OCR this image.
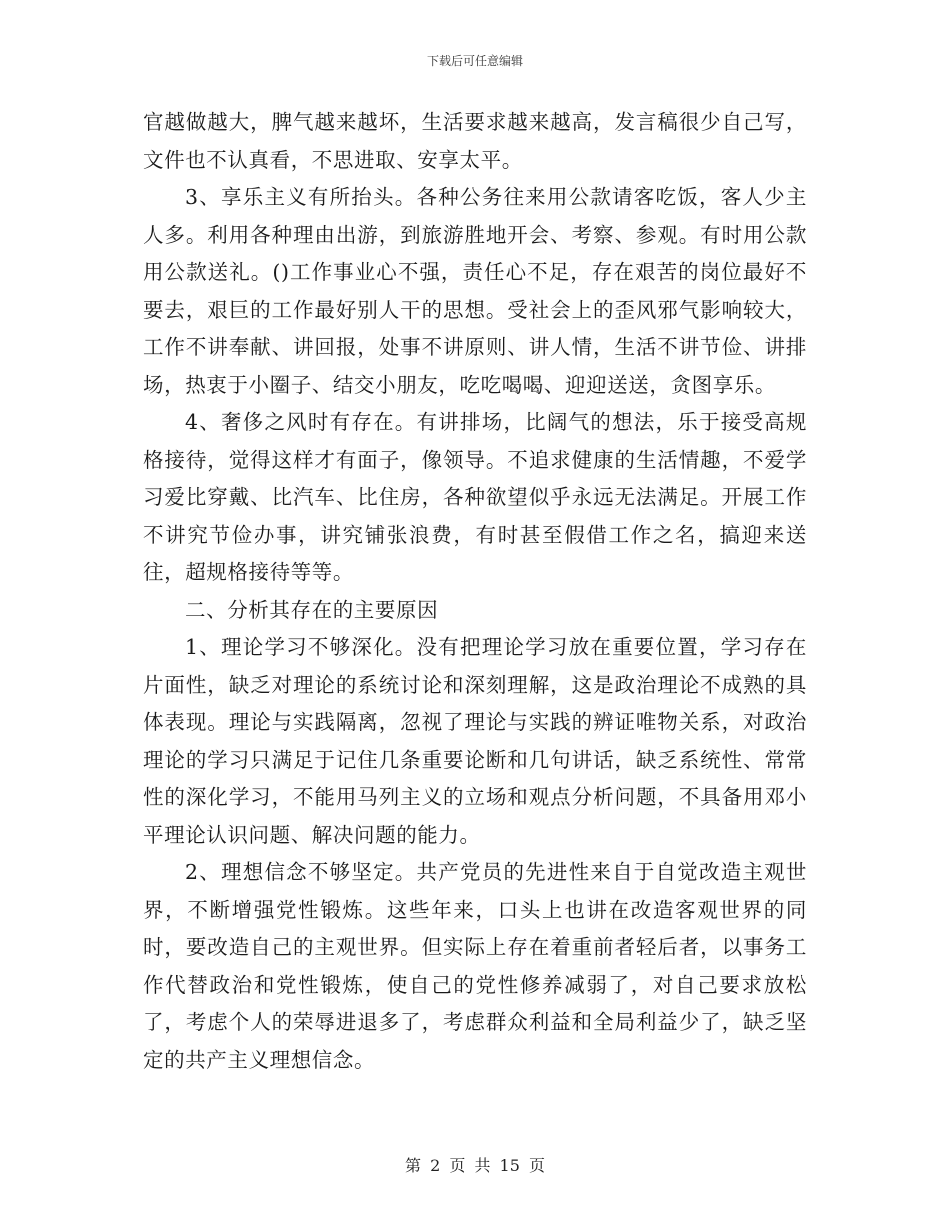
下载后可任意编辑

官越做越大，脾气越来越坏，生活要求越来越高，发言稿很少自己写，文件也不认真看，不思进取、安享太平。

3、享乐主义有所抬头。各种公务往来用公款请客吃饭，客人少主人多。利用各种理由出游，到旅游胜地开会、考察、参观。有时用公款用公款送礼。()工作事业心不强，责任心不足，存在艰苦的岗位最好不要去，艰巨的工作最好别人干的思想。受社会上的歪风邪气影响较大，工作不讲奉献、讲回报，处事不讲原则、讲人情，生活不讲节俭、讲排场，热衷于小圈子、结交小朋友，吃吃喝喝、迎迎送送，贪图享乐。

4、奢侈之风时有存在。有讲排场，比阔气的想法，乐于接受高规格接待，觉得这样才有面子，像领导。不追求健康的生活情趣，不爱学习爱比穿戴、比汽车、比住房，各种欲望似乎永远无法满足。开展工作不讲究节俭办事，讲究铺张浪费，有时甚至假借工作之名，搞迎来送往，超规格接待等等。

二、分析其存在的主要原因

1、理论学习不够深化。没有把理论学习放在重要位置，学习存在片面性，缺乏对理论的系统讨论和深刻理解，这是政治理论不成熟的具体表现。理论与实践隔离，忽视了理论与实践的辨证唯物关系，对政治理论的学习只满足于记住几条重要论断和几句讲话，缺乏系统性、常常性的深化学习，不能用马列主义的立场和观点分析问题，不具备用邓小平理论认识问题、解决问题的能力。

2、理想信念不够坚定。共产党员的先进性来自于自觉改造主观世界，不断增强党性锻炼。这些年来，口头上也讲在改造客观世界的同时，要改造自己的主观世界。但实际上存在着重前者轻后者，以事务工作代替政治和党性锻炼，使自己的党性修养减弱了，对自己要求放松了，考虑个人的荣辱进退多了，考虑群众利益和全局利益少了，缺乏坚定的共产主义理想信念。

第 2 页 共 15 页
